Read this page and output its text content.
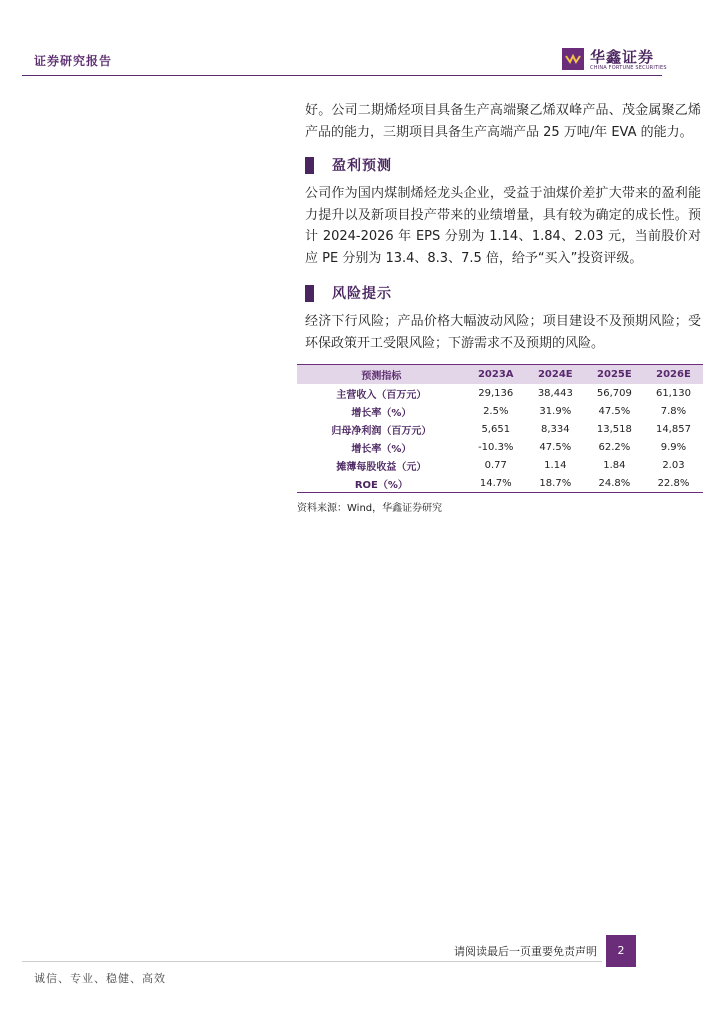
证券研究报告	华鑫证券
CHINA FORTUNE SECURITIES

好。公司二期烯烃项目具备生产高端聚乙烯双峰产品、茂金属聚乙烯产品的能力，三期项目具备生产高端产品 25 万吨/年 EVA 的能力。

盈利预测

公司作为国内煤制烯烃龙头企业，受益于油煤价差扩大带来的盈利能力提升以及新项目投产带来的业绩增量，具有较为确定的成长性。预计 2024-2026 年 EPS 分别为 1.14、1.84、2.03 元，当前股价对应 PE 分别为 13.4、8.3、7.5 倍，给予“买入”投资评级。

风险提示

经济下行风险；产品价格大幅波动风险；项目建设不及预期风险；受环保政策开工受限风险；下游需求不及预期的风险。

预测指标	2023A	2024E	2025E	2026E
主营收入（百万元）	29,136	38,443	56,709	61,130
增长率（%）	2.5%	31.9%	47.5%	7.8%
归母净利润（百万元）	5,651	8,334	13,518	14,857
增长率（%）	-10.3%	47.5%	62.2%	9.9%
摊薄每股收益（元）	0.77	1.14	1.84	2.03
ROE（%）	14.7%	18.7%	24.8%	22.8%
资料来源：Wind，华鑫证券研究
请阅读最后一页重要免责声明	2
诚信、专业、稳健、高效
